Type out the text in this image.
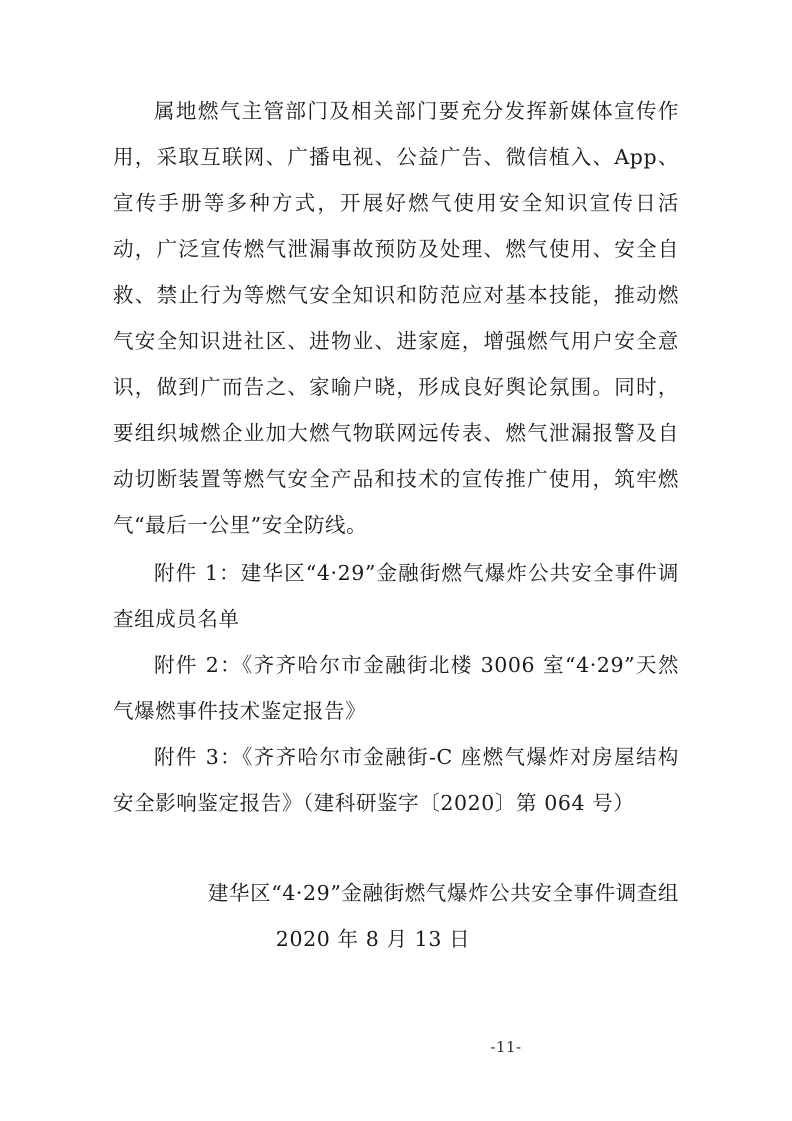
属地燃气主管部门及相关部门要充分发挥新媒体宣传作用，采取互联网、广播电视、公益广告、微信植入、App、宣传手册等多种方式，开展好燃气使用安全知识宣传日活动，广泛宣传燃气泄漏事故预防及处理、燃气使用、安全自救、禁止行为等燃气安全知识和防范应对基本技能，推动燃气安全知识进社区、进物业、进家庭，增强燃气用户安全意识，做到广而告之、家喻户晓，形成良好舆论氛围。同时，要组织城燃企业加大燃气物联网远传表、燃气泄漏报警及自动切断装置等燃气安全产品和技术的宣传推广使用，筑牢燃气“最后一公里”安全防线。

附件 1：建华区“4·29”金融街燃气爆炸公共安全事件调查组成员名单

附件 2：《齐齐哈尔市金融街北楼 3006 室“4·29”天然气爆燃事件技术鉴定报告》

附件 3：《齐齐哈尔市金融街-C 座燃气爆炸对房屋结构安全影响鉴定报告》（建科研鉴字〔2020〕第 064 号）

建华区“4·29”金融街燃气爆炸公共安全事件调查组

2020 年 8 月 13 日

-11-
